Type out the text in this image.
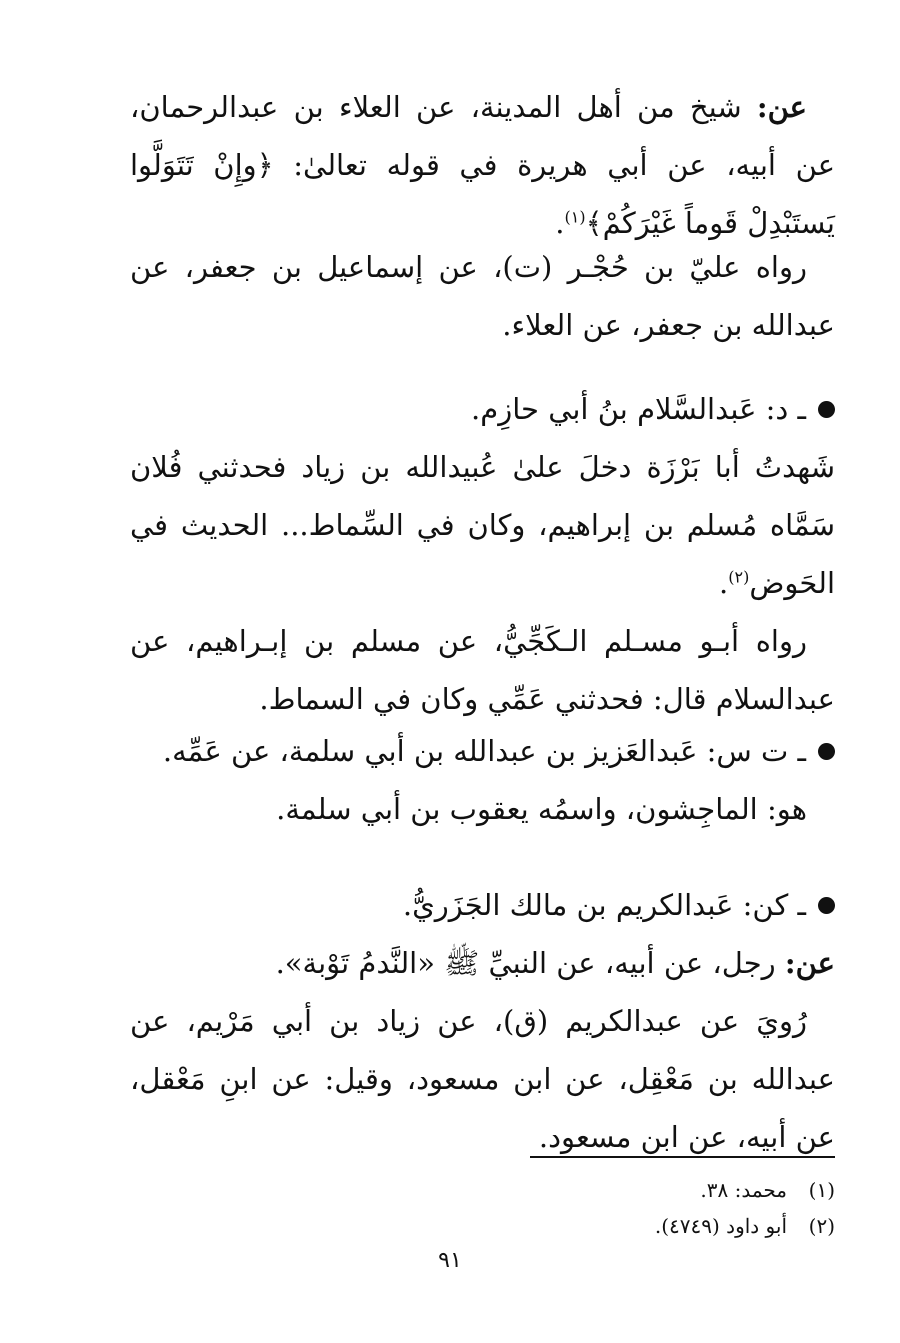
عن: شيخ من أهل المدينة، عن العلاء بن عبدالرحمان، عن أبيه، عن أبي هريرة في قوله تعالىٰ: ﴿وإِنْ تَتَوَلَّوا يَستَبْدِلْ قَوماً غَيْرَكُمْ﴾$^{(١)}$.

رواه عليّ بن حُجْـر (ت)، عن إسماعيل بن جعفر، عن عبدالله بن جعفر، عن العلاء.

ـ د: عَبدالسَّلام بنُ أبي حازِم.

شَهدتُ أبا بَرْزَة دخلَ علىٰ عُبيدالله بن زياد فحدثني فُلان سَمَّاه مُسلم بن إبراهيم، وكان في السِّماط... الحديث في الحَوض$^{(٢)}$.

رواه أبـو مسـلم الـكَجِّيُّ، عن مسلم بن إبـراهيم، عن عبدالسلام قال: فحدثني عَمِّي وكان في السماط.

ـ ت س: عَبدالعَزيز بن عبدالله بن أبي سلمة، عن عَمِّه.

هو: الماجِشون، واسمُه يعقوب بن أبي سلمة.

ـ كن: عَبدالكريم بن مالك الجَزَريُّ.

عن: رجل، عن أبيه، عن النبيِّ ﷺ «النَّدمُ تَوْبة».

رُويَ عن عبدالكريم (ق)، عن زياد بن أبي مَرْيم، عن عبدالله بن مَعْقِل، عن ابن مسعود، وقيل: عن ابنِ مَعْقل، عن أبيه، عن ابن مسعود.

(١)محمد: ٣٨.

(٢)أبو داود (٤٧٤٩).

٩١
